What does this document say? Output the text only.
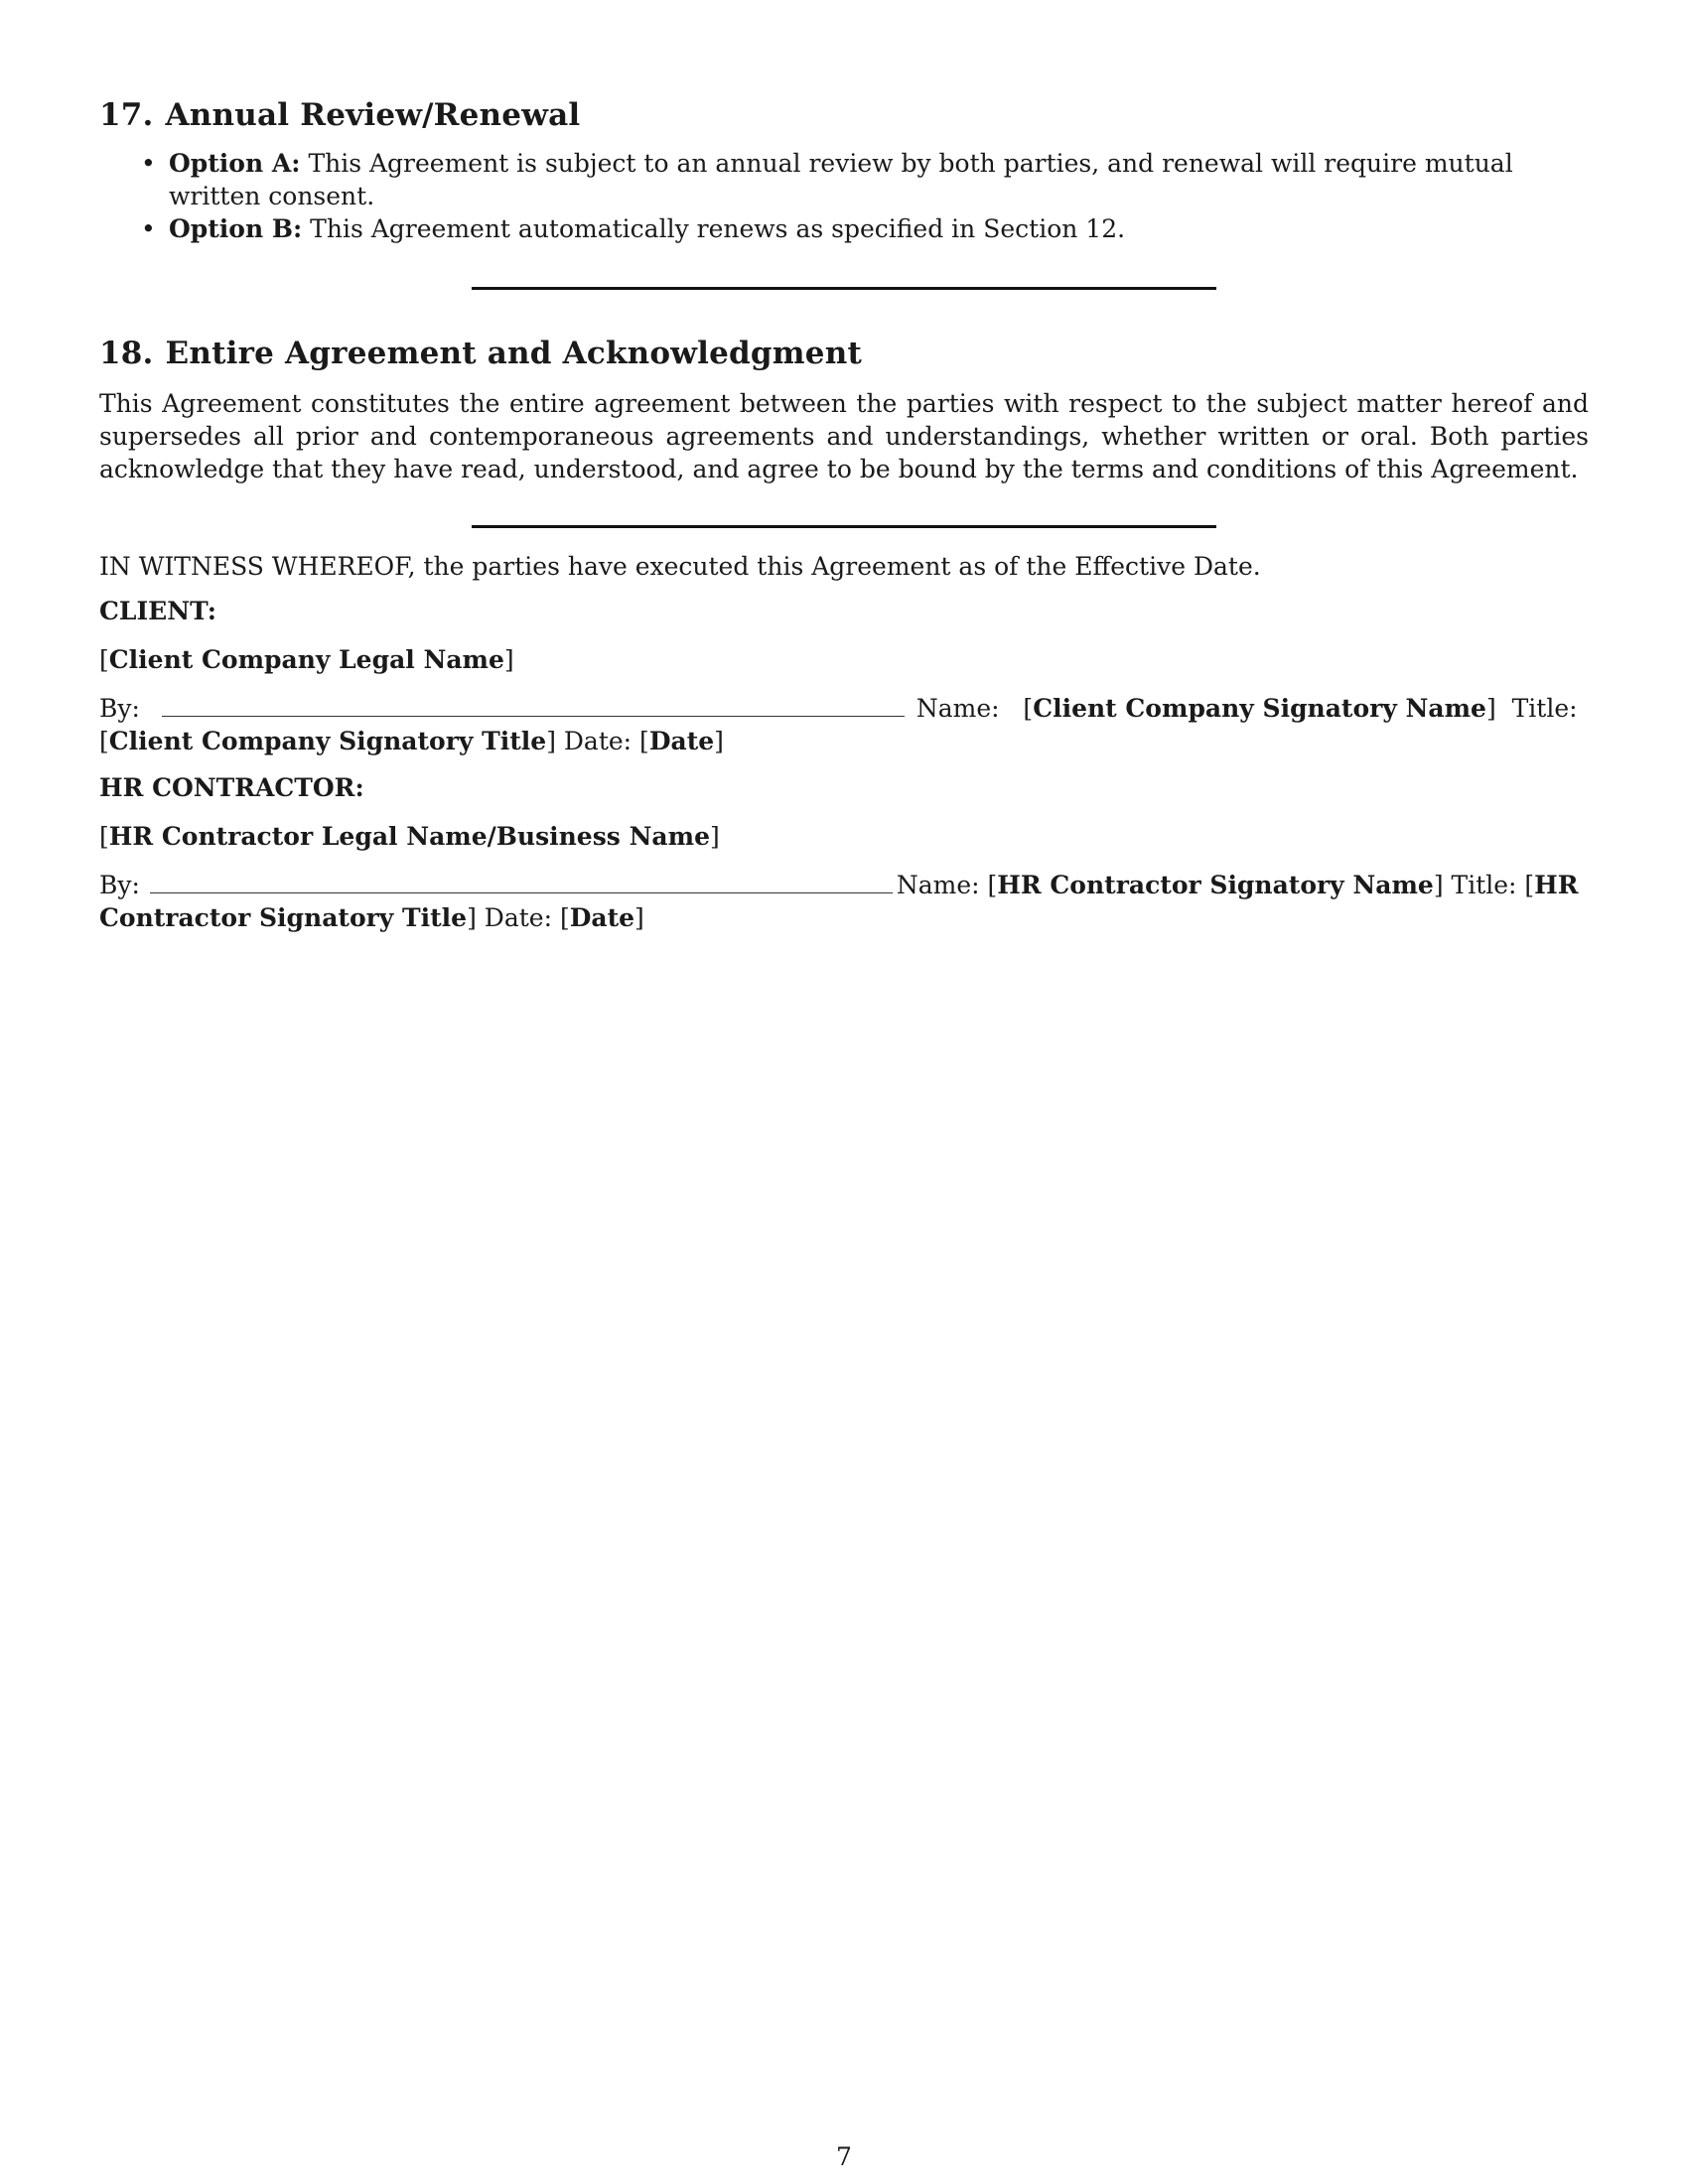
17. Annual Review/Renewal
• Option A: This Agreement is subject to an annual review by both parties, and renewal will require mutual written consent.
• Option B: This Agreement automatically renews as specified in Section 12.
18. Entire Agreement and Acknowledgment

This Agreement constitutes the entire agreement between the parties with respect to the subject matter hereof and supersedes all prior and contemporaneous agreements and understandings, whether written or oral. Both parties acknowledge that they have read, understood, and agree to be bound by the terms and conditions of this Agreement.

IN WITNESS WHEREOF, the parties have executed this Agreement as of the Effective Date.

CLIENT:

[Client Company Legal Name]

By:	Name:   [Client Company Signatory Name]  Title:
[Client Company Signatory Title] Date: [Date]

HR CONTRACTOR:

[HR Contractor Legal Name/Business Name]

By:	Name: [HR Contractor Signatory Name] Title: [HR Contractor Signatory Title] Date: [Date]

7
